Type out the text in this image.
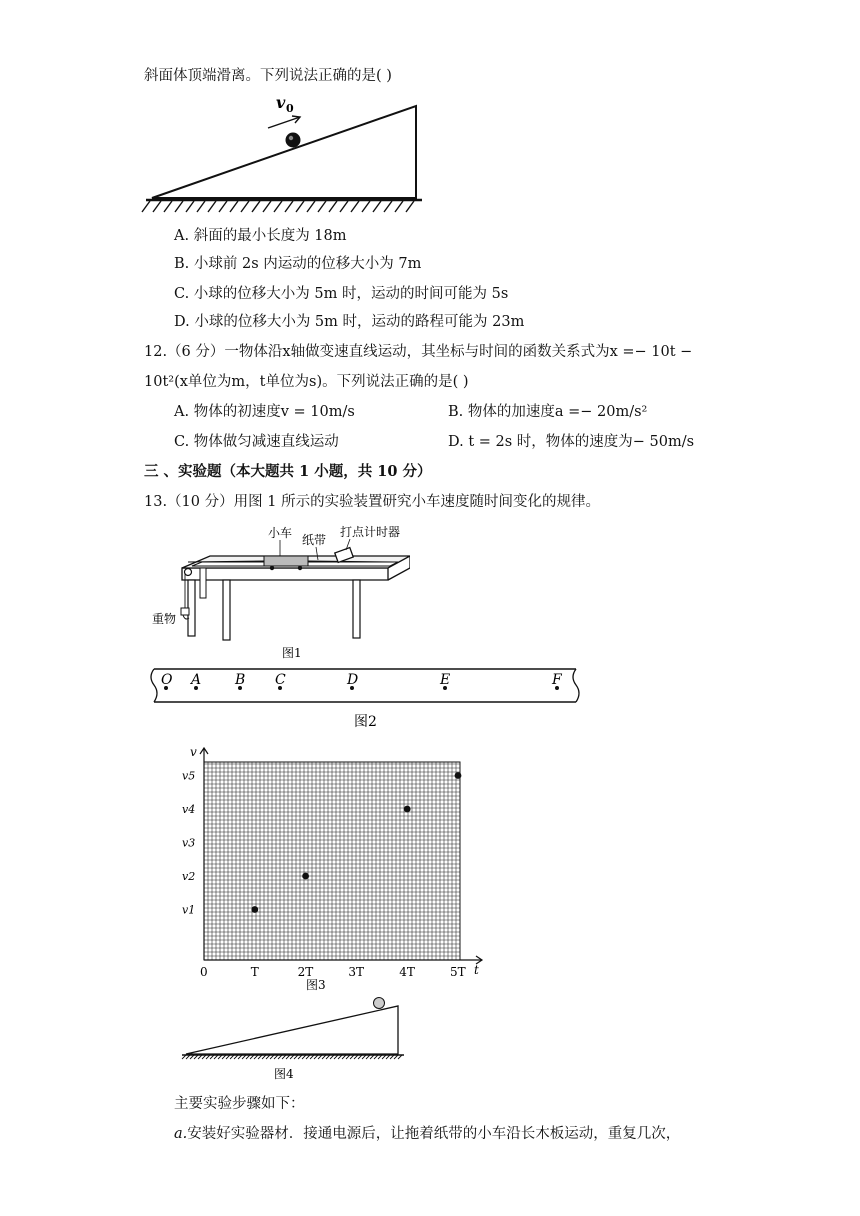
斜面体顶端滑离。下列说法正确的是( )
v 0
A. 斜面的最小长度为 18m
B. 小球前 2s 内运动的位移大小为 7m
C. 小球的位移大小为 5m 时，运动的时间可能为 5s
D. 小球的位移大小为 5m 时，运动的路程可能为 23m
12.（6 分）一物体沿x轴做变速直线运动，其坐标与时间的函数关系式为x =− 10t −
10t²(x单位为m，t单位为s)。下列说法正确的是( )
A. 物体的初速度v = 10m/s	B. 物体的加速度a =− 20m/s²
C. 物体做匀减速直线运动	D. t = 2s 时，物体的速度为− 50m/s
三 、实验题（本大题共 1 小题，共 10 分）
13.（10 分）用图 1 所示的实验装置研究小车速度随时间变化的规律。
小车 纸带
打点计时器
重物
图1
O A B C	D	E	F
图2
0	T	2T	3T	4T	5T
v5
v4
v3
v2
v1
v
t
图3
图4
主要实验步骤如下：
a.安装好实验器材．接通电源后，让拖着纸带的小车沿长木板运动，重复几次，
